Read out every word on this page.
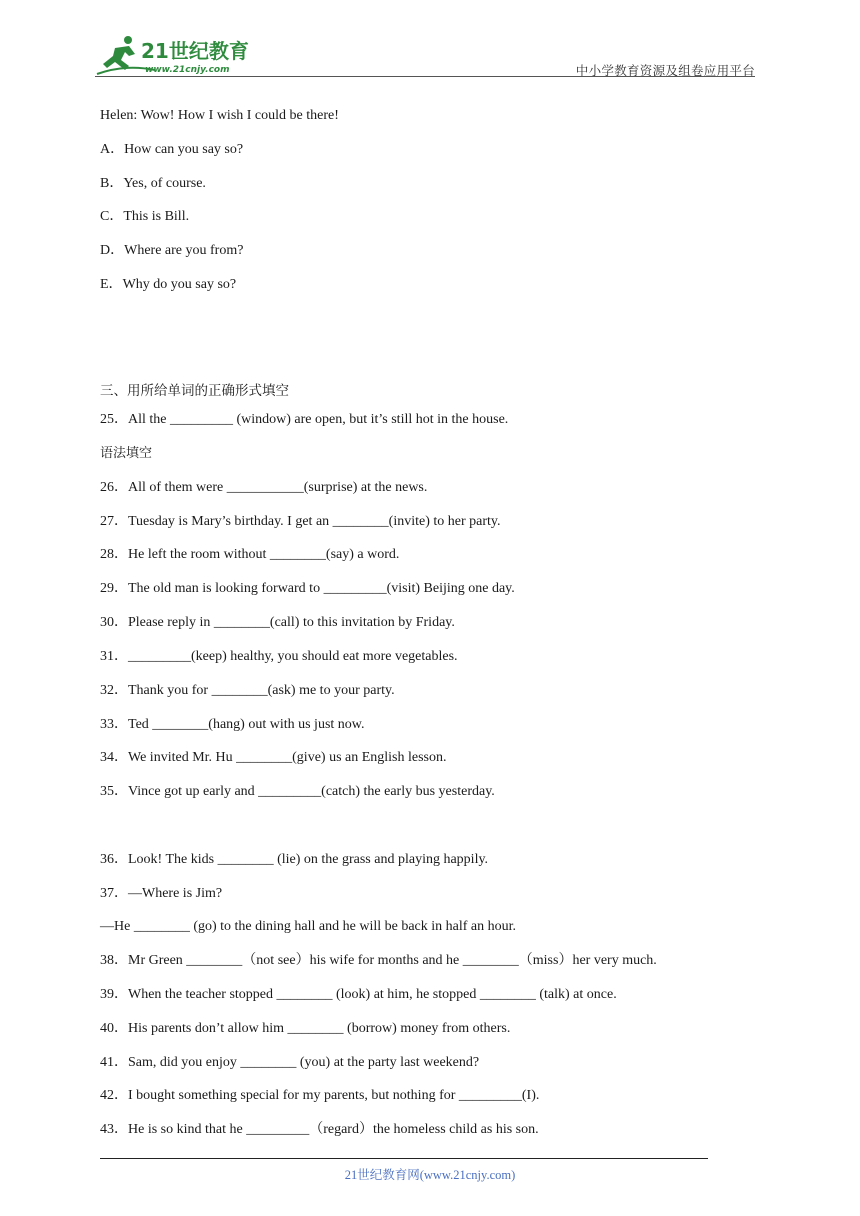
21世纪教育
www.21cnjy.com	中小学教育资源及组卷应用平台
Helen: Wow! How I wish I could be there!
A．How can you say so?
B．Yes, of course.
C．This is Bill.
D．Where are you from?
E．Why do you say so?
三、用所给单词的正确形式填空
25．All the _________ (window) are open, but it’s still hot in the house.
语法填空
26．All of them were ___________(surprise) at the news.
27．Tuesday is Mary’s birthday. I get an ________(invite) to her party.
28．He left the room without ________(say) a word.
29．The old man is looking forward to _________(visit) Beijing one day.
30．Please reply in ________(call) to this invitation by Friday.
31．_________(keep) healthy, you should eat more vegetables.
32．Thank you for ________(ask) me to your party.
33．Ted ________(hang) out with us just now.
34．We invited Mr. Hu ________(give) us an English lesson.
35．Vince got up early and _________(catch) the early bus yesterday.
36．Look! The kids ________ (lie) on the grass and playing happily.
37．—Where is Jim?
—He ________ (go) to the dining hall and he will be back in half an hour.
38．Mr Green ________（not see）his wife for months and he ________（miss）her very much.
39．When the teacher stopped ________ (look) at him, he stopped ________ (talk) at once.
40．His parents don’t allow him ________ (borrow) money from others.
41．Sam, did you enjoy ________ (you) at the party last weekend?
42．I bought something special for my parents, but nothing for _________(I).
43．He is so kind that he _________（regard）the homeless child as his son.
21世纪教育网(www.21cnjy.com)
